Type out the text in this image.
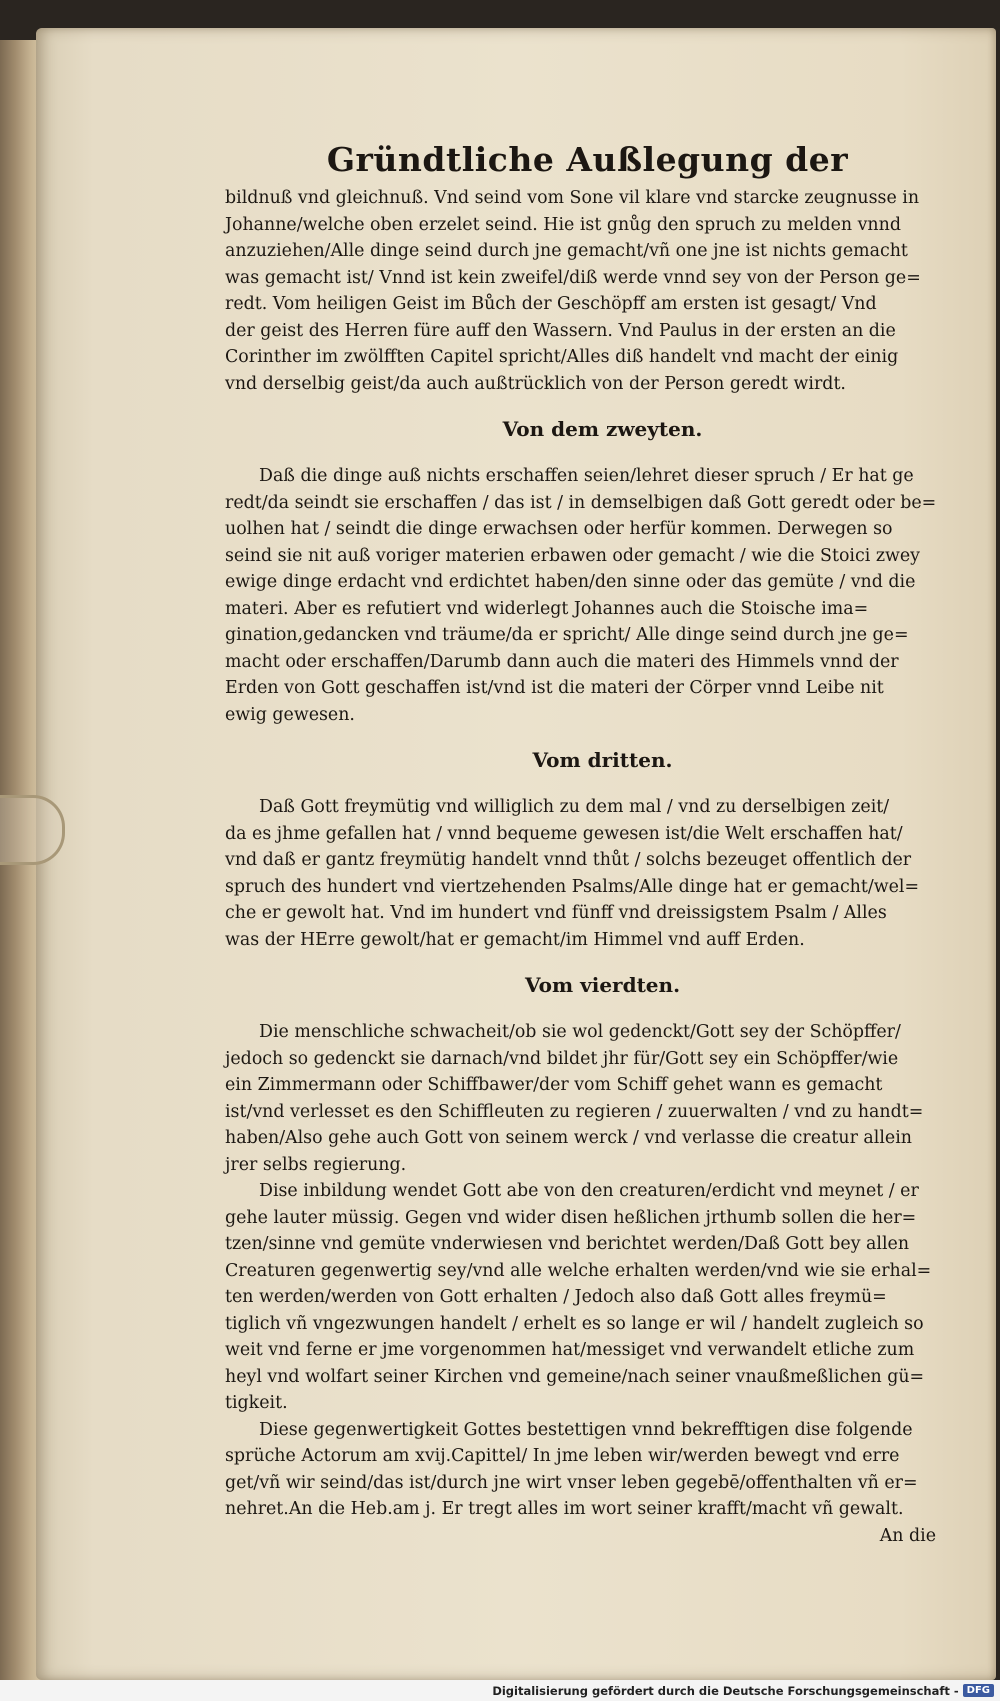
Gründtliche Außlegung der

bildnuß vnd gleichnuß. Vnd seind vom Sone vil klare vnd starcke zeugnusse in
Johanne/welche oben erzelet seind. Hie ist gnůg den spruch zu melden vnnd
anzuziehen/Alle dinge seind durch jne gemacht/vñ one jne ist nichts gemacht
was gemacht ist/ Vnnd ist kein zweifel/diß werde vnnd sey von der Person ge=
redt. Vom heiligen Geist im Bůch der Geschöpff am ersten ist gesagt/ Vnd
der geist des Herren füre auff den Wassern. Vnd Paulus in der ersten an die
Corinther im zwölfften Capitel spricht/Alles diß handelt vnd macht der einig
vnd derselbig geist/da auch außtrücklich von der Person geredt wirdt.

Von dem zweyten.

Daß die dinge auß nichts erschaffen seien/lehret dieser spruch / Er hat ge
redt/da seindt sie erschaffen / das ist / in demselbigen daß Gott geredt oder be=
uolhen hat / seindt die dinge erwachsen oder herfür kommen. Derwegen so
seind sie nit auß voriger materien erbawen oder gemacht / wie die Stoici zwey
ewige dinge erdacht vnd erdichtet haben/den sinne oder das gemüte / vnd die
materi. Aber es refutiert vnd widerlegt Johannes auch die Stoische ima=
gination,gedancken vnd träume/da er spricht/ Alle dinge seind durch jne ge=
macht oder erschaffen/Darumb dann auch die materi des Himmels vnnd der
Erden von Gott geschaffen ist/vnd ist die materi der Cörper vnnd Leibe nit
ewig gewesen.

Vom dritten.

Daß Gott freymütig vnd williglich zu dem mal / vnd zu derselbigen zeit/
da es jhme gefallen hat / vnnd bequeme gewesen ist/die Welt erschaffen hat/
vnd daß er gantz freymütig handelt vnnd thůt / solchs bezeuget offentlich der
spruch des hundert vnd viertzehenden Psalms/Alle dinge hat er gemacht/wel=
che er gewolt hat. Vnd im hundert vnd fünff vnd dreissigstem Psalm / Alles
was der HErre gewolt/hat er gemacht/im Himmel vnd auff Erden.

Vom vierdten.

Die menschliche schwacheit/ob sie wol gedenckt/Gott sey der Schöpffer/
jedoch so gedenckt sie darnach/vnd bildet jhr für/Gott sey ein Schöpffer/wie
ein Zimmermann oder Schiffbawer/der vom Schiff gehet wann es gemacht
ist/vnd verlesset es den Schiffleuten zu regieren / zuuerwalten / vnd zu handt=
haben/Also gehe auch Gott von seinem werck / vnd verlasse die creatur allein
jrer selbs regierung.

Dise inbildung wendet Gott abe von den creaturen/erdicht vnd meynet / er
gehe lauter müssig. Gegen vnd wider disen heßlichen jrthumb sollen die her=
tzen/sinne vnd gemüte vnderwiesen vnd berichtet werden/Daß Gott bey allen
Creaturen gegenwertig sey/vnd alle welche erhalten werden/vnd wie sie erhal=
ten werden/werden von Gott erhalten / Jedoch also daß Gott alles freymü=
tiglich vñ vngezwungen handelt / erhelt es so lange er wil / handelt zugleich so
weit vnd ferne er jme vorgenommen hat/messiget vnd verwandelt etliche zum
heyl vnd wolfart seiner Kirchen vnd gemeine/nach seiner vnaußmeßlichen gü=
tigkeit.

Diese gegenwertigkeit Gottes bestettigen vnnd bekrefftigen dise folgende
sprüche Actorum am xvij.Capittel/ In jme leben wir/werden bewegt vnd erre
get/vñ wir seind/das ist/durch jne wirt vnser leben gegebē/offenthalten vñ er=
nehret.An die Heb.am j. Er tregt alles im wort seiner krafft/macht vñ gewalt.

An die

Digitalisierung gefördert durch die Deutsche Forschungsgemeinschaft - DFG
